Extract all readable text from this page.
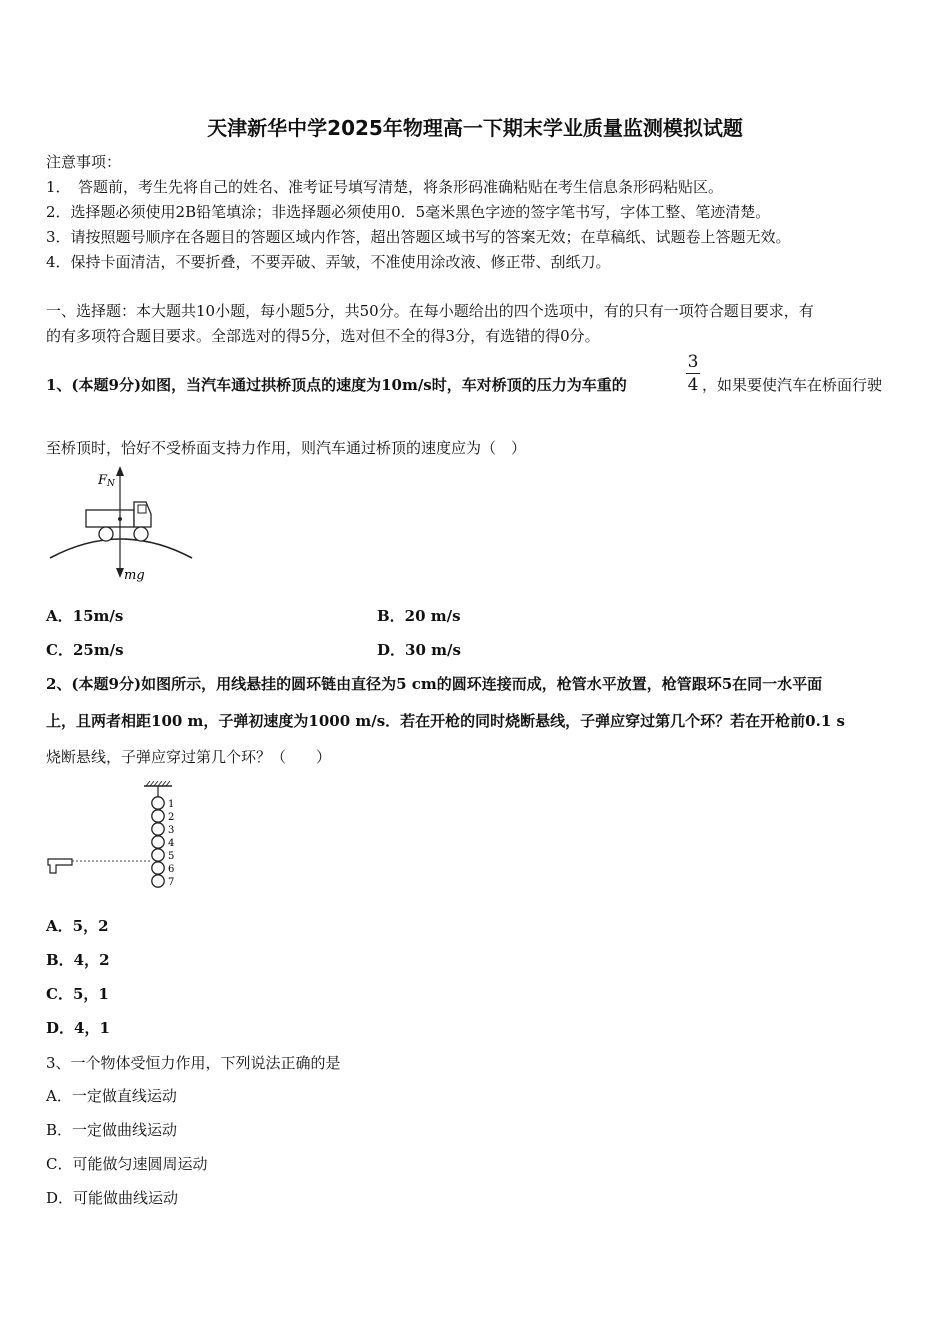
天津新华中学2025年物理高一下期末学业质量监测模拟试题
注意事项：
1．　答题前，考生先将自己的姓名、准考证号填写清楚，将条形码准确粘贴在考生信息条形码粘贴区。
2．选择题必须使用2B铅笔填涂；非选择题必须使用0．5毫米黑色字迹的签字笔书写，字体工整、笔迹清楚。
3．请按照题号顺序在各题目的答题区域内作答，超出答题区域书写的答案无效；在草稿纸、试题卷上答题无效。
4．保持卡面清洁，不要折叠，不要弄破、弄皱，不准使用涂改液、修正带、刮纸刀。
一、选择题：本大题共10小题，每小题5分，共50分。在每小题给出的四个选项中，有的只有一项符合题目要求，有
的有多项符合题目要求。全部选对的得5分，选对但不全的得3分，有选错的得0分。
1、(本题9分)如图，当汽车通过拱桥顶点的速度为10m/s时，车对桥顶的压力为车重的
3
4 ，如果要使汽车在桥面行驶
至桥顶时，恰好不受桥面支持力作用，则汽车通过桥顶的速度应为（　）
FN
mg
A．15m/s	B．20 m/s
C．25m/s	D．30 m/s
2、(本题9分)如图所示，用线悬挂的圆环链由直径为5 cm的圆环连接而成，枪管水平放置，枪管跟环5在同一水平面
上，且两者相距100 m，子弹初速度为1000 m/s．若在开枪的同时烧断悬线，子弹应穿过第几个环？若在开枪前0.1 s
烧断悬线，子弹应穿过第几个环？（　　）
1
2
3
4
5
6
7
A．5，2
B．4，2
C．5，1
D．4，1
3、一个物体受恒力作用，下列说法正确的是
A．一定做直线运动
B．一定做曲线运动
C．可能做匀速圆周运动
D．可能做曲线运动
